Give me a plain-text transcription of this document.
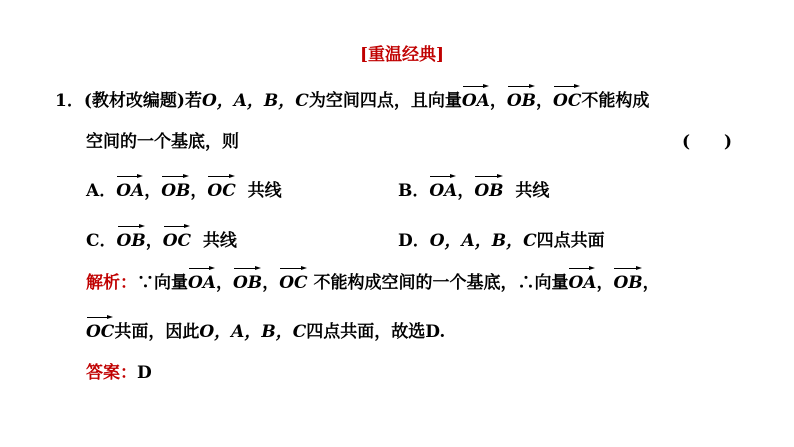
[重温经典]
1．(教材改编题)若O，A，B，C为空间四点，且向量OA，OB，OC不能构成
空间的一个基底，则	(　　)
A．OA，OB，OC 共线	B．OA，OB 共线
C．OB，OC 共线	D．O，A，B，C四点共面
解析：∵向量OA，OB，OC 不能构成空间的一个基底，∴向量OA，OB，
OC共面，因此O，A，B，C四点共面，故选D.
答案：D
